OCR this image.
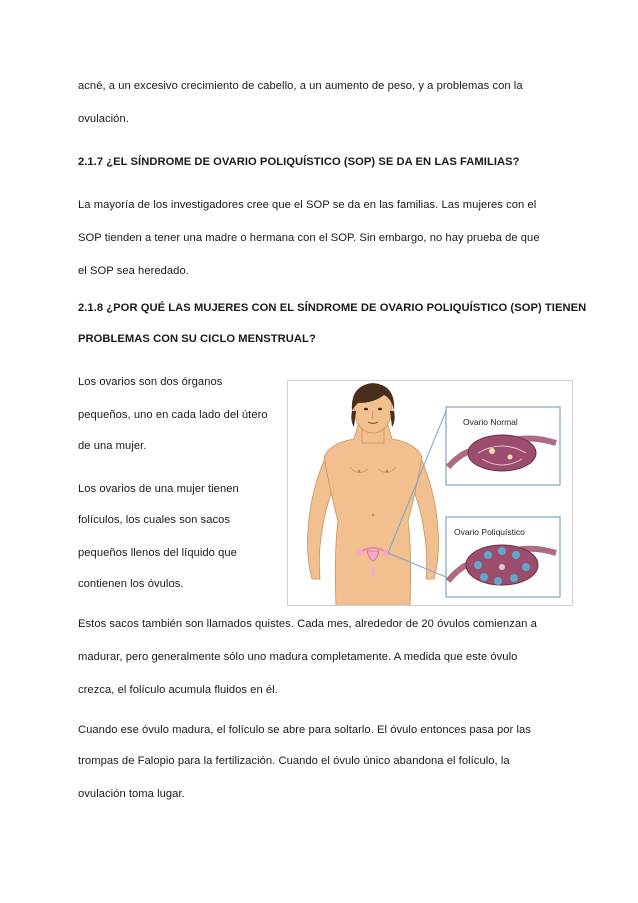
acné, a un excesivo crecimiento de cabello, a un aumento de peso, y a problemas con la
ovulación.
2.1.7 ¿EL SÍNDROME DE OVARIO POLIQUÍSTICO (SOP) SE DA EN LAS FAMILIAS?
La mayoría de los investigadores cree que el SOP se da en las familias. Las mujeres con el
SOP tienden a tener una madre o hermana con el SOP. Sin embargo, no hay prueba de que
el SOP sea heredado.
2.1.8 ¿POR QUÉ LAS MUJERES CON EL SÍNDROME DE OVARIO POLIQUÍSTICO (SOP) TIENEN
PROBLEMAS CON SU CICLO MENSTRUAL?
Los ovarios son dos órganos
pequeños, uno en cada lado del útero
de una mujer.
Los ovarios de una mujer tienen
folículos, los cuales son sacos
pequeños llenos del líquido que
contienen los óvulos.
Estos sacos también son llamados quistes. Cada mes, alrededor de 20 óvulos comienzan a
madurar, pero generalmente sólo uno madura completamente. A medida que este óvulo
crezca, el folículo acumula fluidos en él.
Cuando ese óvulo madura, el folículo se abre para soltarlo. El óvulo entonces pasa por las
trompas de Falopio para la fertilización. Cuando el óvulo único abandona el folículo, la
ovulación toma lugar.
Ovario Normal
Ovario Poliquístico
